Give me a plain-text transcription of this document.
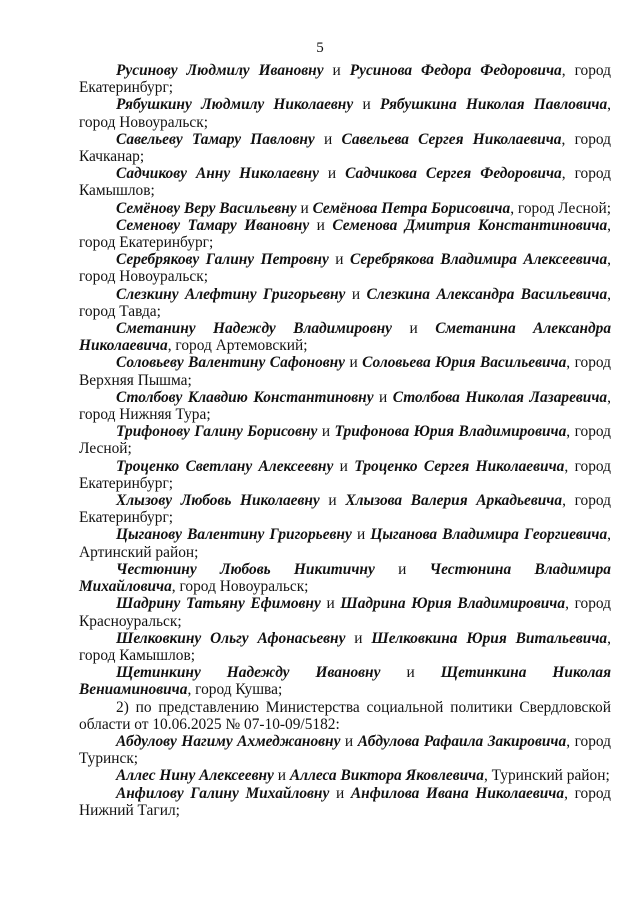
5
Русинову Людмилу Ивановну и Русинова Федора Федоровича, город Екатеринбург;
Рябушкину Людмилу Николаевну и Рябушкина Николая Павловича, город Новоуральск;
Савельеву Тамару Павловну и Савельева Сергея Николаевича, город Качканар;
Садчикову Анну Николаевну и Садчикова Сергея Федоровича, город Камышлов;
Семёнову Веру Васильевну и Семёнова Петра Борисовича, город Лесной;
Семенову Тамару Ивановну и Семенова Дмитрия Константиновича, город Екатеринбург;
Серебрякову Галину Петровну и Серебрякова Владимира Алексеевича, город Новоуральск;
Слезкину Алефтину Григорьевну и Слезкина Александра Васильевича, город Тавда;
Сметанину Надежду Владимировну и Сметанина Александра Николаевича, город Артемовский;
Соловьеву Валентину Сафоновну и Соловьева Юрия Васильевича, город Верхняя Пышма;
Столбову Клавдию Константиновну и Столбова Николая Лазаревича, город Нижняя Тура;
Трифонову Галину Борисовну и Трифонова Юрия Владимировича, город Лесной;
Троценко Светлану Алексеевну и Троценко Сергея Николаевича, город Екатеринбург;
Хлызову Любовь Николаевну и Хлызова Валерия Аркадьевича, город Екатеринбург;
Цыганову Валентину Григорьевну и Цыганова Владимира Георгиевича, Артинский район;
Честюнину Любовь Никитичну и Честюнина Владимира Михайловича, город Новоуральск;
Шадрину Татьяну Ефимовну и Шадрина Юрия Владимировича, город Красноуральск;
Шелковкину Ольгу Афонасьевну и Шелковкина Юрия Витальевича, город Камышлов;
Щетинкину Надежду Ивановну и Щетинкина Николая Вениаминовича, город Кушва;
2) по представлению Министерства социальной политики Свердловской области от 10.06.2025 № 07-10-09/5182:
Абдулову Нагиму Ахмеджановну и Абдулова Рафаила Закировича, город Туринск;
Аллес Нину Алексеевну и Аллеса Виктора Яковлевича, Туринский район;
Анфилову Галину Михайловну и Анфилова Ивана Николаевича, город Нижний Тагил;
